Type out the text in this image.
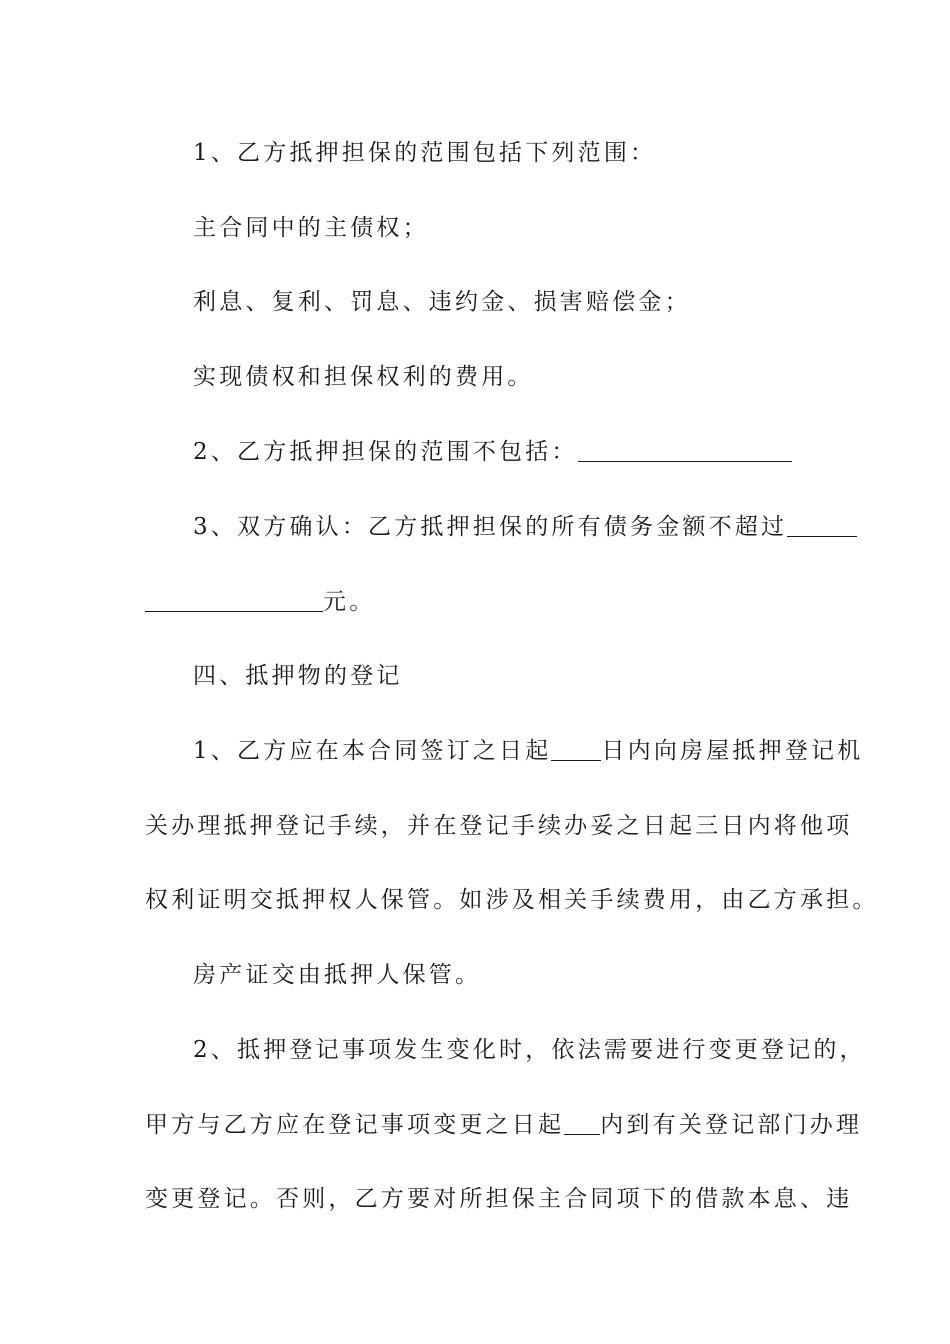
1、乙方抵押担保的范围包括下列范围：
主合同中的主债权；
利息、复利、罚息、违约金、损害赔偿金；
实现债权和担保权利的费用。
2、乙方抵押担保的范围不包括：
3、双方确认：乙方抵押担保的所有债务金额不超过
元。
四、抵押物的登记
1、乙方应在本合同签订之日起 日内向房屋抵押登记机
关办理抵押登记手续，并在登记手续办妥之日起三日内将他项
权利证明交抵押权人保管。如涉及相关手续费用，由乙方承担。
房产证交由抵押人保管。
2、抵押登记事项发生变化时，依法需要进行变更登记的，
甲方与乙方应在登记事项变更之日起 内到有关登记部门办理
变更登记。否则，乙方要对所担保主合同项下的借款本息、违
